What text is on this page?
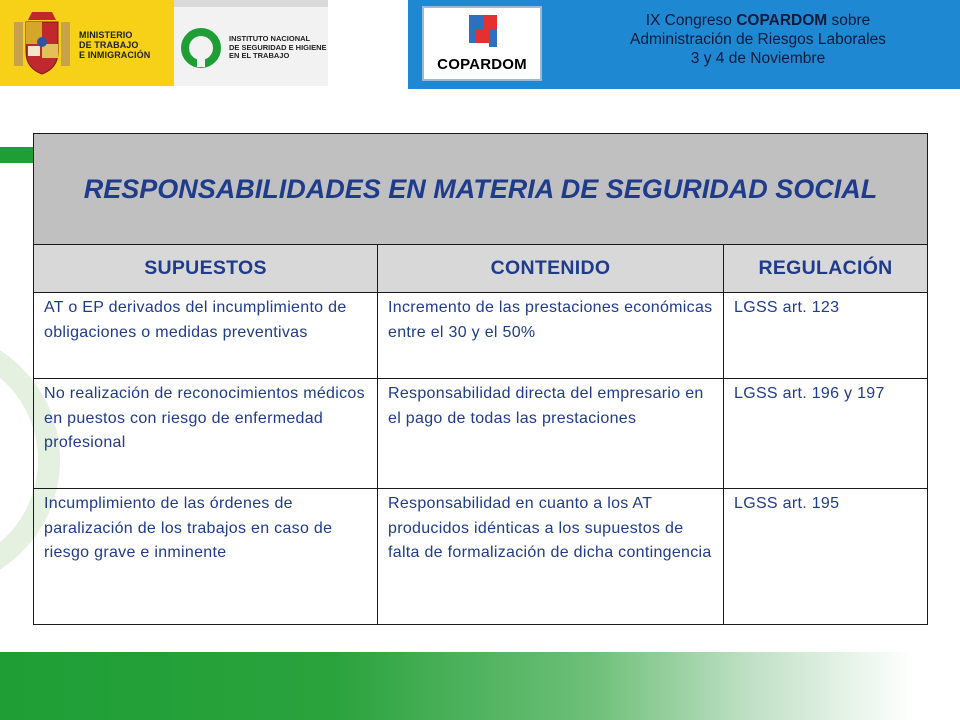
MINISTERIO
DE TRABAJO
E INMIGRACIÓN
INSTITUTO NACIONAL
DE SEGURIDAD E HIGIENE
EN EL TRABAJO
COPARDOM
IX Congreso COPARDOM sobre
Administración de Riesgos Laborales
3 y 4 de Noviembre
RESPONSABILIDADES EN MATERIA DE SEGURIDAD SOCIAL		
SUPUESTOS	CONTENIDO	REGULACIÓN
AT o EP derivados del incumplimiento de obligaciones o medidas preventivas	Incremento de las prestaciones económicas entre el 30 y el 50%	LGSS art. 123
No realización de reconocimientos médicos en puestos con riesgo de enfermedad profesional	Responsabilidad directa del empresario en el pago de todas las prestaciones	LGSS art. 196 y 197
Incumplimiento de las órdenes de paralización de los trabajos en caso de riesgo grave e inminente	Responsabilidad en cuanto a los AT producidos idénticas a los supuestos de falta de formalización de dicha contingencia	LGSS art. 195
